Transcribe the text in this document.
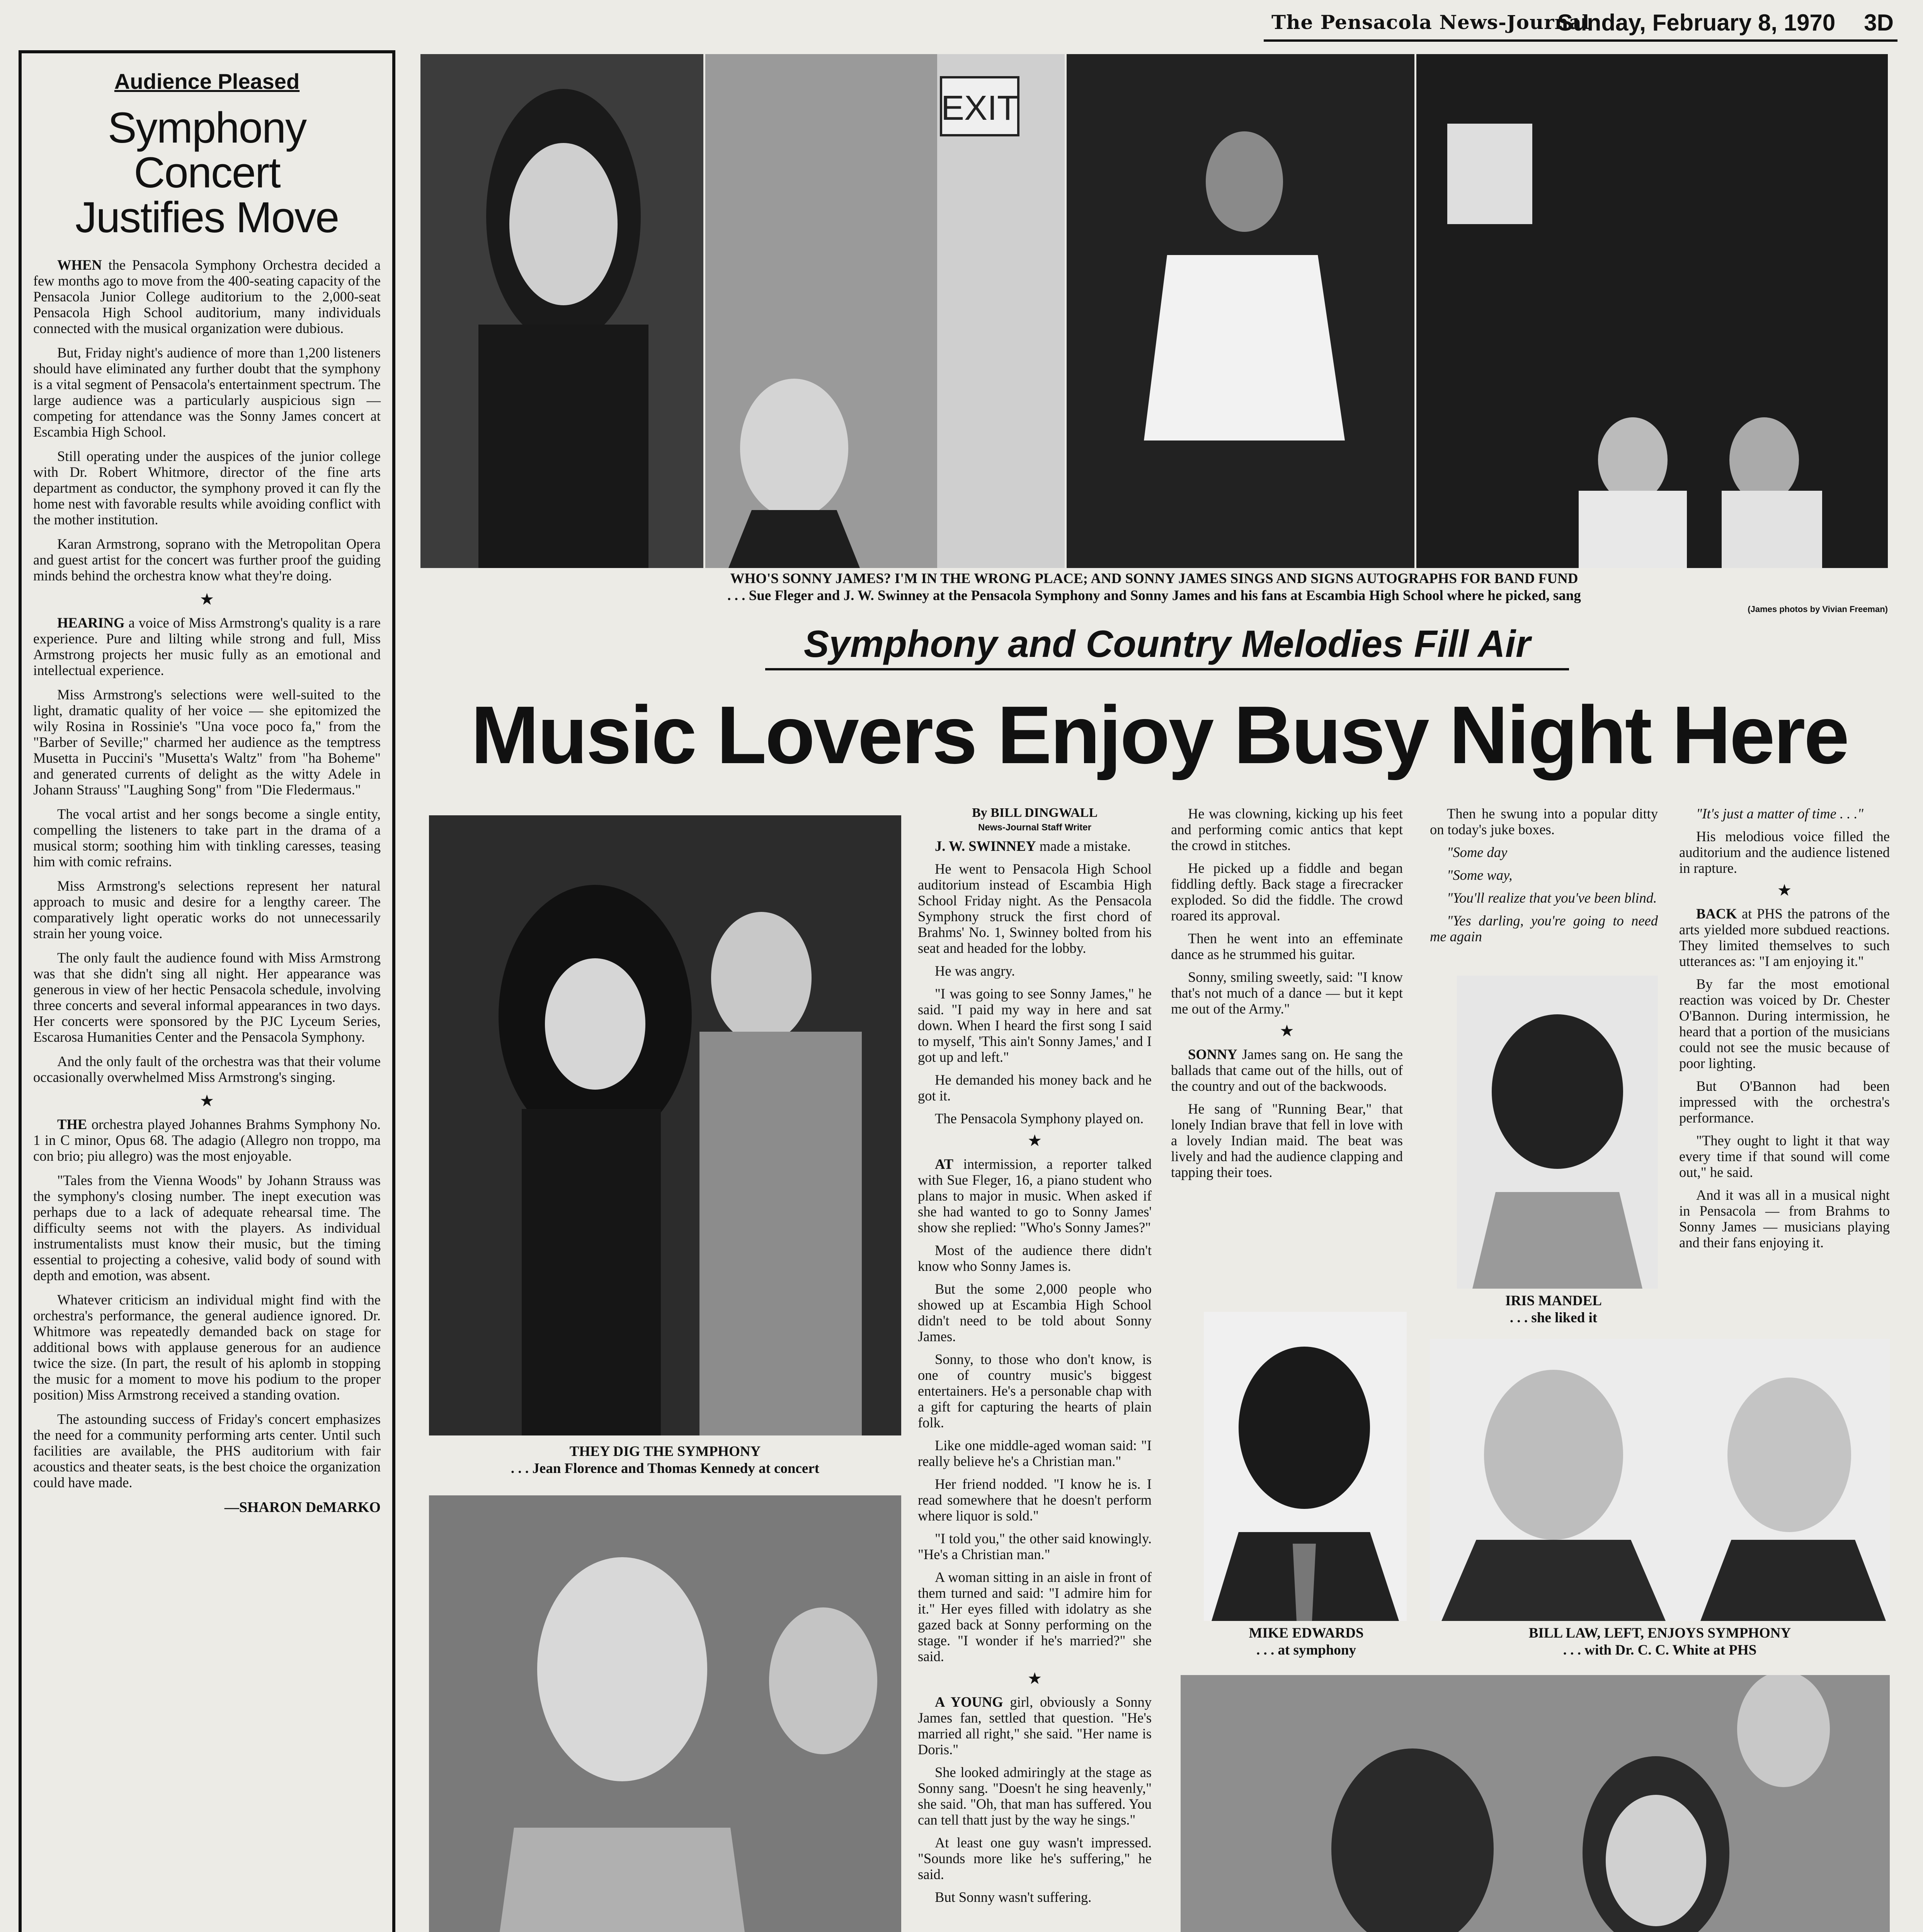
The Pensacola News-Journal
Sunday, February 8, 1970 3D
Audience Pleased
Symphony Concert
Justifies Move

WHEN the Pensacola Symphony Orchestra decided a few months ago to move from the 400-seating capacity of the Pensacola Junior College auditorium to the 2,000-seat Pensacola High School auditorium, many individuals connected with the musical organization were dubious.

But, Friday night's audience of more than 1,200 listeners should have eliminated any further doubt that the symphony is a vital segment of Pensacola's entertainment spectrum. The large audience was a particularly auspicious sign — competing for attendance was the Sonny James concert at Escambia High School.

Still operating under the auspices of the junior college with Dr. Robert Whitmore, director of the fine arts department as conductor, the symphony proved it can fly the home nest with favorable results while avoiding conflict with the mother institution.

Karan Armstrong, soprano with the Metropolitan Opera and guest artist for the concert was further proof the guiding minds behind the orchestra know what they're doing.

★

HEARING a voice of Miss Armstrong's quality is a rare experience. Pure and lilting while strong and full, Miss Armstrong projects her music fully as an emotional and intellectual experience.

Miss Armstrong's selections were well-suited to the light, dramatic quality of her voice — she epitomized the wily Rosina in Rossinie's "Una voce poco fa," from the "Barber of Seville;" charmed her audience as the temptress Musetta in Puccini's "Musetta's Waltz" from "ha Boheme" and generated currents of delight as the witty Adele in Johann Strauss' "Laughing Song" from "Die Fledermaus."

The vocal artist and her songs become a single entity, compelling the listeners to take part in the drama of a musical storm; soothing him with tinkling caresses, teasing him with comic refrains.

Miss Armstrong's selections represent her natural approach to music and desire for a lengthy career. The comparatively light operatic works do not unnecessarily strain her young voice.

The only fault the audience found with Miss Armstrong was that she didn't sing all night. Her appearance was generous in view of her hectic Pensacola schedule, involving three concerts and several informal appearances in two days. Her concerts were sponsored by the PJC Lyceum Series, Escarosa Humanities Center and the Pensacola Symphony.

And the only fault of the orchestra was that their volume occasionally overwhelmed Miss Armstrong's singing.

★

THE orchestra played Johannes Brahms Symphony No. 1 in C minor, Opus 68. The adagio (Allegro non troppo, ma con brio; piu allegro) was the most enjoyable.

"Tales from the Vienna Woods" by Johann Strauss was the symphony's closing number. The inept execution was perhaps due to a lack of adequate rehearsal time. The difficulty seems not with the players. As individual instrumentalists must know their music, but the timing essential to projecting a cohesive, valid body of sound with depth and emotion, was absent.

Whatever criticism an individual might find with the orchestra's performance, the general audience ignored. Dr. Whitmore was repeatedly demanded back on stage for additional bows with applause generous for an audience twice the size. (In part, the result of his aplomb in stopping the music for a moment to move his podium to the proper position) Miss Armstrong received a standing ovation.

The astounding success of Friday's concert emphasizes the need for a community performing arts center. Until such facilities are available, the PHS auditorium with fair acoustics and theater seats, is the best choice the organization could have made.

—SHARON DeMARKO
EXIT
WHO'S SONNY JAMES? I'M IN THE WRONG PLACE; AND SONNY JAMES SINGS AND SIGNS AUTOGRAPHS FOR BAND FUND
. . . Sue Fleger and J. W. Swinney at the Pensacola Symphony and Sonny James and his fans at Escambia High School where he picked, sang
(James photos by Vivian Freeman)
Symphony and Country Melodies Fill Air
Music Lovers Enjoy Busy Night Here
THEY DIG THE SYMPHONY
. . . Jean Florence and Thomas Kennedy at concert
By BILL DINGWALL
News-Journal Staff Writer

J. W. SWINNEY made a mistake.

He went to Pensacola High School auditorium instead of Escambia High School Friday night. As the Pensacola Symphony struck the first chord of Brahms' No. 1, Swinney bolted from his seat and headed for the lobby.

He was angry.

"I was going to see Sonny James," he said. "I paid my way in here and sat down. When I heard the first song I said to myself, 'This ain't Sonny James,' and I got up and left."

He demanded his money back and he got it.

The Pensacola Symphony played on.

★

AT intermission, a reporter talked with Sue Fleger, 16, a piano student who plans to major in music. When asked if she had wanted to go to Sonny James' show she replied: "Who's Sonny James?"

Most of the audience there didn't know who Sonny James is.

But the some 2,000 people who showed up at Escambia High School didn't need to be told about Sonny James.

Sonny, to those who don't know, is one of country music's biggest entertainers. He's a personable chap with a gift for capturing the hearts of plain folk.

Like one middle-aged woman said: "I really believe he's a Christian man."

Her friend nodded. "I know he is. I read somewhere that he doesn't perform where liquor is sold."

"I told you," the other said knowingly. "He's a Christian man."

A woman sitting in an aisle in front of them turned and said: "I admire him for it." Her eyes filled with idolatry as she gazed back at Sonny performing on the stage. "I wonder if he's married?" she said.

★

A YOUNG girl, obviously a Sonny James fan, settled that question. "He's married all right," she said. "Her name is Doris."

She looked admiringly at the stage as Sonny sang. "Doesn't he sing heavenly," she said. "Oh, that man has suffered. You can tell thatt just by the way he sings."

At least one guy wasn't impressed. "Sounds more like he's suffering," he said.

But Sonny wasn't suffering.

He was clowning, kicking up his feet and performing comic antics that kept the crowd in stitches.

He picked up a fiddle and began fiddling deftly. Back stage a firecracker exploded. So did the fiddle. The crowd roared its approval.

Then he went into an effeminate dance as he strummed his guitar.

Sonny, smiling sweetly, said: "I know that's not much of a dance — but it kept me out of the Army."

★

SONNY James sang on. He sang the ballads that came out of the hills, out of the country and out of the backwoods.

He sang of "Running Bear," that lonely Indian brave that fell in love with a lovely Indian maid. The beat was lively and had the audience clapping and tapping their toes.

Then he swung into a popular ditty on today's juke boxes.

"Some day

"Some way,

"You'll realize that you've been blind.

"Yes darling, you're going to need me again

"It's just a matter of time . . ."

His melodious voice filled the auditorium and the audience listened in rapture.

★

BACK at PHS the patrons of the arts yielded more subdued reactions. They limited themselves to such utterances as: "I am enjoying it."

By far the most emotional reaction was voiced by Dr. Chester O'Bannon. During intermission, he heard that a portion of the musicians could not see the music because of poor lighting.

But O'Bannon had been impressed with the orchestra's performance.

"They ought to light it that way every time if that sound will come out," he said.

And it was all in a musical night in Pensacola — from Brahms to Sonny James — musicians playing and their fans enjoying it.

IRIS MANDEL
. . . she liked it
MIKE EDWARDS
. . . at symphony
BILL LAW, LEFT, ENJOYS SYMPHONY
. . . with Dr. C. C. White at PHS
